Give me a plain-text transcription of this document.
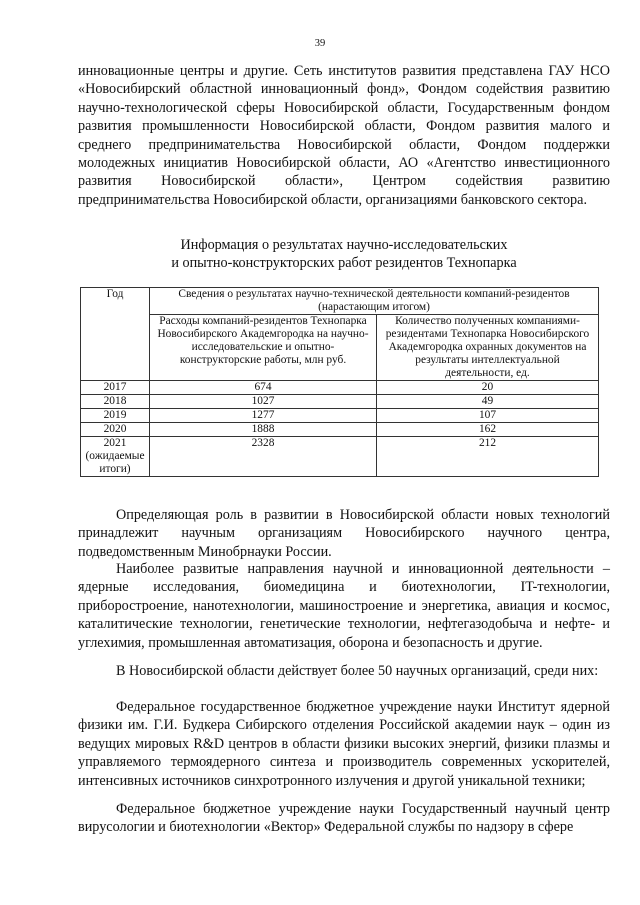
39

инновационные центры и другие. Сеть институтов развития представлена ГАУ НСО «Новосибирский областной инновационный фонд», Фондом содействия развитию научно-технологической сферы Новосибирской области, Государственным фондом развития промышленности Новосибирской области, Фондом развития малого и среднего предпринимательства Новосибирской области, Фондом поддержки молодежных инициатив Новосибирской области, АО «Агентство инвестиционного развития Новосибирской области», Центром содействия развитию предпринимательства Новосибирской области, организациями банковского сектора.

Информация о результатах научно-исследовательских
и опытно-конструкторских работ резидентов Технопарка
Год	Сведения о результатах научно-технической деятельности компаний-резидентов (нарастающим итогом)	
	Расходы компаний-резидентов Технопарка Новосибирского Академгородка на научно-исследовательские и опытно-конструкторские работы, млн руб.	Количество полученных компаниями-резидентами Технопарка Новосибирского Академгородка охранных документов на результаты интеллектуальной деятельности, ед.
2017	674	20
2018	1027	49
2019	1277	107
2020	1888	162
2021 (ожидаемые итоги)	2328	212

Определяющая роль в развитии в Новосибирской области новых технологий принадлежит научным организациям Новосибирского научного центра, подведомственным Минобрнауки России.

Наиболее развитые направления научной и инновационной деятельности – ядерные исследования, биомедицина и биотехнологии, IT-технологии, приборостроение, нанотехнологии, машиностроение и энергетика, авиация и космос, каталитические технологии, генетические технологии, нефтегазодобыча и нефте- и углехимия, промышленная автоматизация, оборона и безопасность и другие.

В Новосибирской области действует более 50 научных организаций, среди них:

Федеральное государственное бюджетное учреждение науки Институт ядерной физики им. Г.И. Будкера Сибирского отделения Российской академии наук – один из ведущих мировых R&D центров в области физики высоких энергий, физики плазмы и управляемого термоядерного синтеза и производитель современных ускорителей, интенсивных источников синхротронного излучения и другой уникальной техники;

Федеральное бюджетное учреждение науки Государственный научный центр вирусологии и биотехнологии «Вектор» Федеральной службы по надзору в сфере
